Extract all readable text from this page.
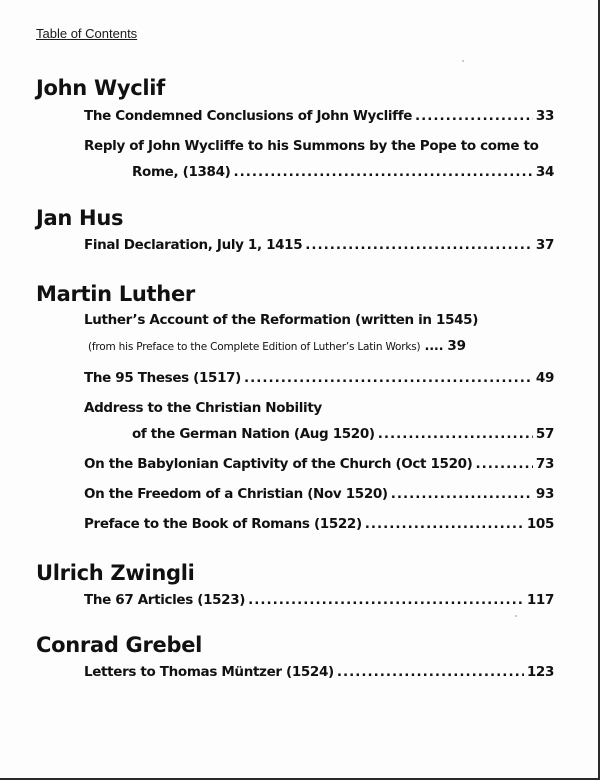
Table of Contents
John Wyclif
The Condemned Conclusions of John Wycliffe .....	33
Reply of John Wycliffe to his Summons by the Pope to come to
Rome, (1384) .....	34
Jan Hus
Final Declaration, July 1, 1415 .....	37
Martin Luther
Luther’s Account of the Reformation (written in 1545)
(from his Preface to the Complete Edition of Luther’s Latin Works) .... 39
The 95 Theses (1517) .....	49
Address to the Christian Nobility
of the German Nation (Aug 1520) .....	57
On the Babylonian Captivity of the Church (Oct 1520) .....	73
On the Freedom of a Christian (Nov 1520) .....	93
Preface to the Book of Romans (1522) .....	105
Ulrich Zwingli
The 67 Articles (1523) .....	117
Conrad Grebel
Letters to Thomas Müntzer (1524) .....	123
